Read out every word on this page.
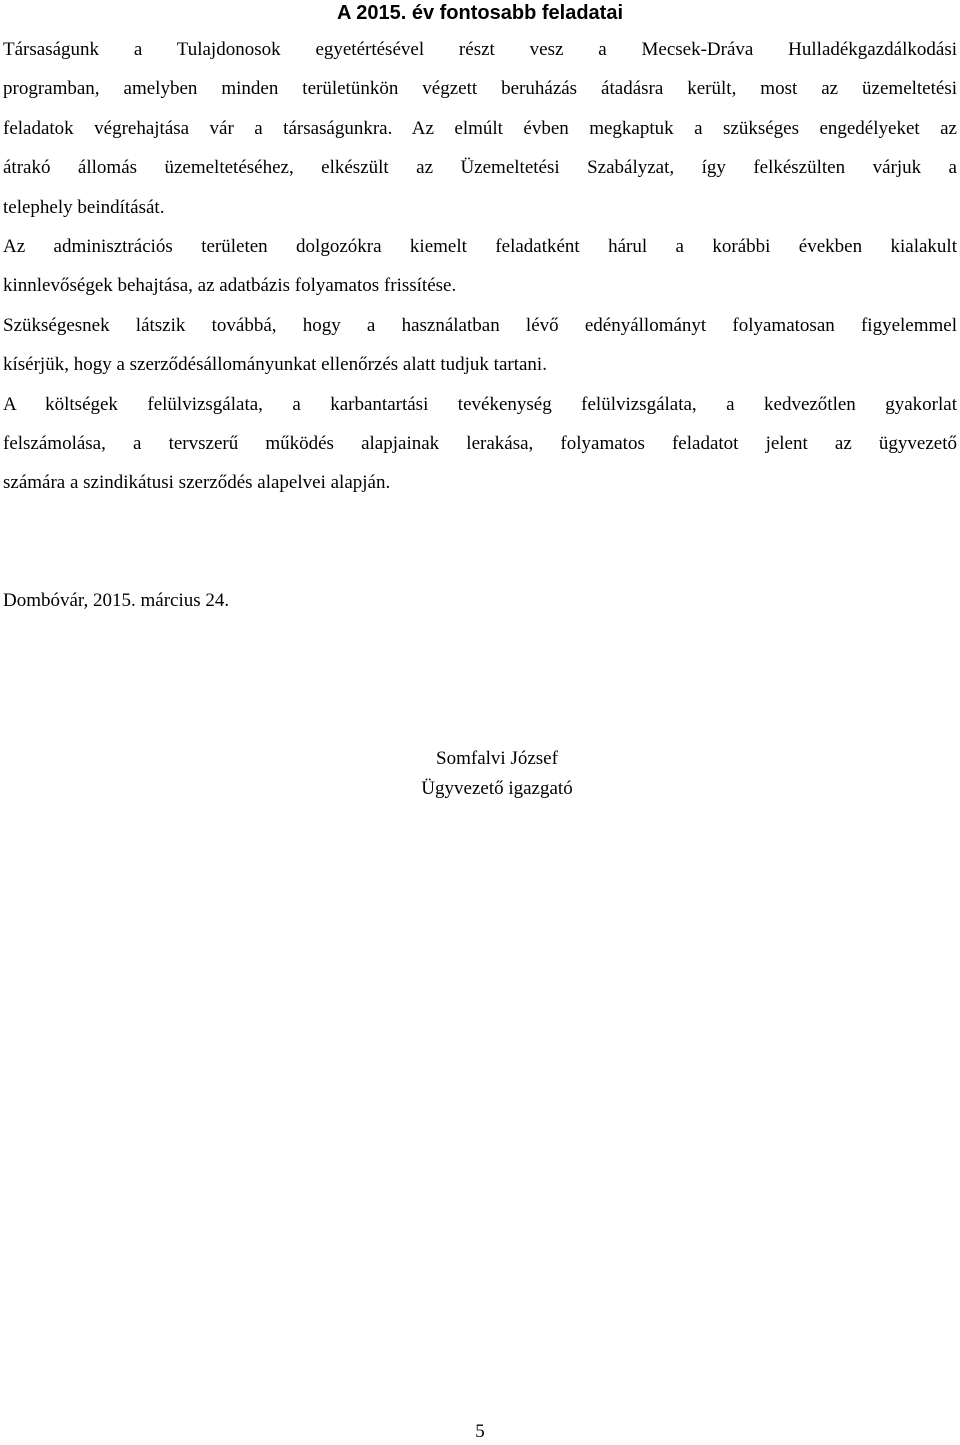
A 2015. év fontosabb feladatai

Társaságunk a Tulajdonosok egyetértésével részt vesz a Mecsek-Dráva Hulladékgazdálkodási
programban, amelyben minden területünkön végzett beruházás átadásra került, most az üzemeltetési
feladatok végrehajtása vár a társaságunkra. Az elmúlt évben megkaptuk a szükséges engedélyeket az
átrakó állomás üzemeltetéséhez, elkészült az Üzemeltetési Szabályzat, így felkészülten várjuk a
telephely beindítását.

Az adminisztrációs területen dolgozókra kiemelt feladatként hárul a korábbi években kialakult
kinnlevőségek behajtása, az adatbázis folyamatos frissítése.

Szükségesnek látszik továbbá, hogy a használatban lévő edényállományt folyamatosan figyelemmel
kísérjük, hogy a szerződésállományunkat ellenőrzés alatt tudjuk tartani.

A költségek felülvizsgálata, a karbantartási tevékenység felülvizsgálata, a kedvezőtlen gyakorlat
felszámolása, a tervszerű működés alapjainak lerakása, folyamatos feladatot jelent az ügyvezető
számára a szindikátusi szerződés alapelvei alapján.

Dombóvár, 2015. március 24.
Somfalvi József
Ügyvezető igazgató
5
